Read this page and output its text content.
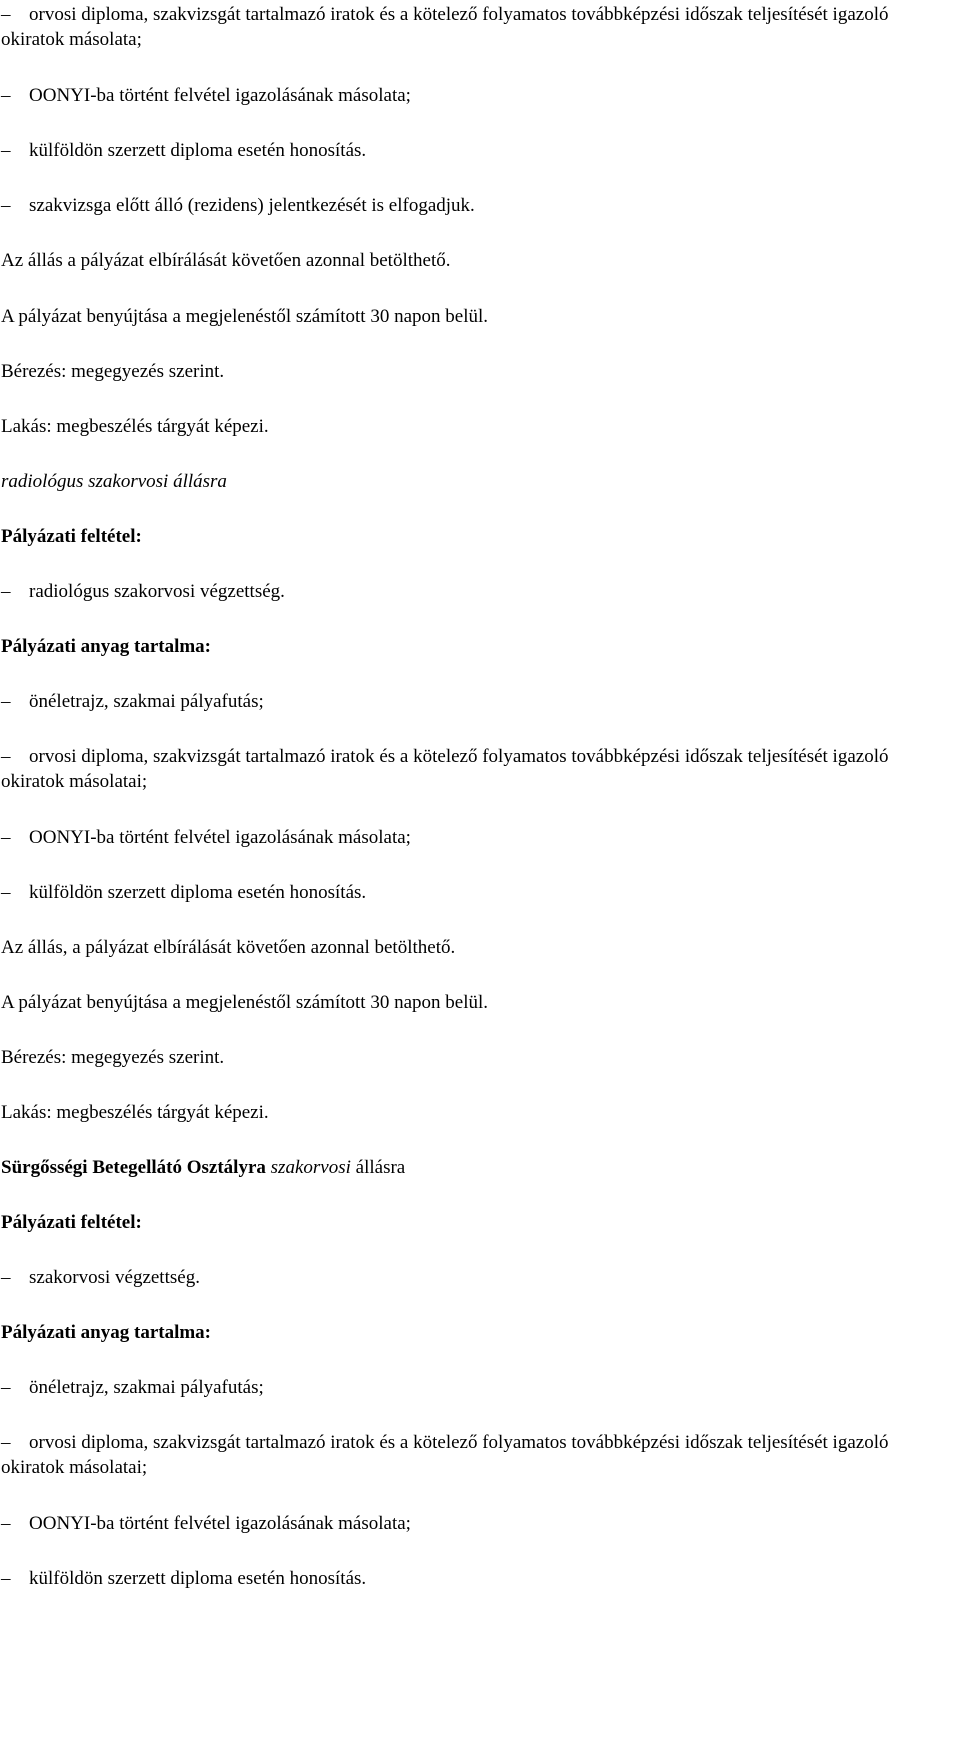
– orvosi diploma, szakvizsgát tartalmazó iratok és a kötelező folyamatos továbbképzési időszak teljesítését igazoló okiratok másolata;

– OONYI-ba történt felvétel igazolásának másolata;

– külföldön szerzett diploma esetén honosítás.

– szakvizsga előtt álló (rezidens) jelentkezését is elfogadjuk.

Az állás a pályázat elbírálását követően azonnal betölthető.

A pályázat benyújtása a megjelenéstől számított 30 napon belül.

Bérezés: megegyezés szerint.

Lakás: megbeszélés tárgyát képezi.

radiológus szakorvosi állásra

Pályázati feltétel:

– radiológus szakorvosi végzettség.

Pályázati anyag tartalma:

– önéletrajz, szakmai pályafutás;

– orvosi diploma, szakvizsgát tartalmazó iratok és a kötelező folyamatos továbbképzési időszak teljesítését igazoló okiratok másolatai;

– OONYI-ba történt felvétel igazolásának másolata;

– külföldön szerzett diploma esetén honosítás.

Az állás, a pályázat elbírálását követően azonnal betölthető.

A pályázat benyújtása a megjelenéstől számított 30 napon belül.

Bérezés: megegyezés szerint.

Lakás: megbeszélés tárgyát képezi.

Sürgősségi Betegellátó Osztályra szakorvosi állásra

Pályázati feltétel:

– szakorvosi végzettség.

Pályázati anyag tartalma:

– önéletrajz, szakmai pályafutás;

– orvosi diploma, szakvizsgát tartalmazó iratok és a kötelező folyamatos továbbképzési időszak teljesítését igazoló okiratok másolatai;

– OONYI-ba történt felvétel igazolásának másolata;

– külföldön szerzett diploma esetén honosítás.
